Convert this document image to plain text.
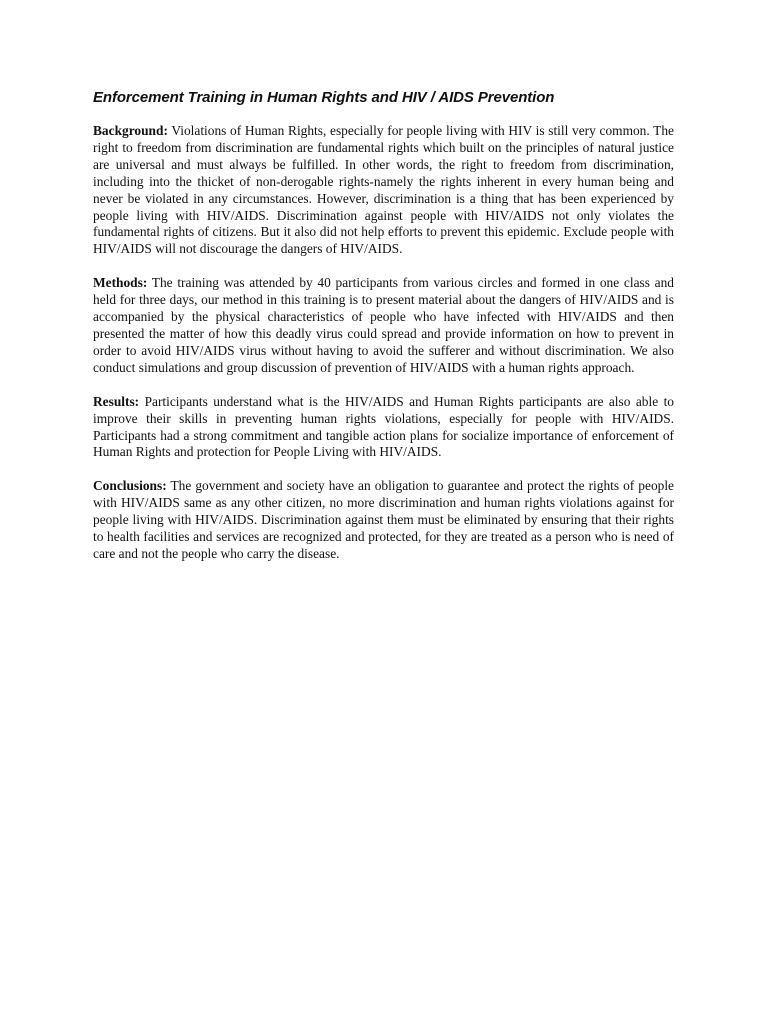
Enforcement Training in Human Rights and HIV / AIDS Prevention

Background: Violations of Human Rights, especially for people living with HIV is still very common. The right to freedom from discrimination are fundamental rights which built on the principles of natural justice are universal and must always be fulfilled. In other words, the right to freedom from discrimination, including into the thicket of non-derogable rights-namely the rights inherent in every human being and never be violated in any circumstances. However, discrimination is a thing that has been experienced by people living with HIV/AIDS. Discrimination against people with HIV/AIDS not only violates the fundamental rights of citizens. But it also did not help efforts to prevent this epidemic. Exclude people with HIV/AIDS will not discourage the dangers of HIV/AIDS.

Methods: The training was attended by 40 participants from various circles and formed in one class and held for three days, our method in this training is to present material about the dangers of HIV/AIDS and is accompanied by the physical characteristics of people who have infected with HIV/AIDS and then presented the matter of how this deadly virus could spread and provide information on how to prevent in order to avoid HIV/AIDS virus without having to avoid the sufferer and without discrimination. We also conduct simulations and group discussion of prevention of HIV/AIDS with a human rights approach.

Results: Participants understand what is the HIV/AIDS and Human Rights participants are also able to improve their skills in preventing human rights violations, especially for people with HIV/AIDS. Participants had a strong commitment and tangible action plans for socialize importance of enforcement of Human Rights and protection for People Living with HIV/AIDS.

Conclusions: The government and society have an obligation to guarantee and protect the rights of people with HIV/AIDS same as any other citizen, no more discrimination and human rights violations against for people living with HIV/AIDS. Discrimination against them must be eliminated by ensuring that their rights to health facilities and services are recognized and protected, for they are treated as a person who is need of care and not the people who carry the disease.
